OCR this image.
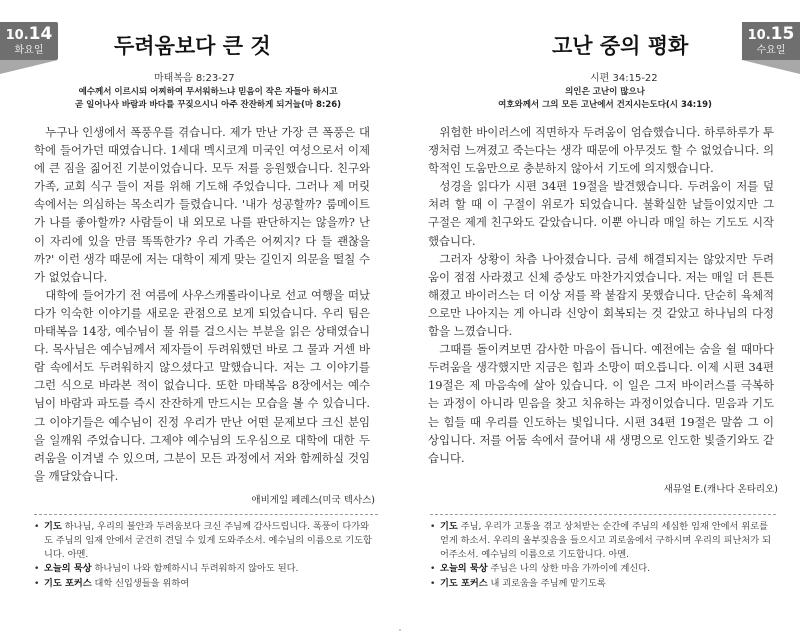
10.14
화요일	두려움보다 큰 것
마태복음 8:23-27
예수께서 이르시되 어찌하여 무서워하느냐 믿음이 작은 자들아 하시고
곧 일어나사 바람과 바다를 꾸짖으시니 아주 잔잔하게 되거늘(마 8:26)

누구나 인생에서 폭풍우를 겪습니다. 제가 만난 가장 큰 폭풍은 대학에 들어가던 때였습니다. 1세대 멕시코계 미국인 여성으로서 이제에 큰 짐을 짊어진 기분이었습니다. 모두 저를 응원했습니다. 친구와 가족, 교회 식구 들이 저를 위해 기도해 주었습니다. 그러나 제 머릿속에서는 의심하는 목소리가 들렸습니다. '내가 성공할까? 룸메이트가 나를 좋아할까? 사람들이 내 외모로 나를 판단하지는 않을까? 난 이 자리에 있을 만큼 똑똑한가? 우리 가족은 어찌지? 다 들 괜찮을까?' 이런 생각 때문에 저는 대학이 제게 맞는 길인지 의문을 떨칠 수가 없었습니다.

대학에 들어가기 전 여름에 사우스캐롤라이나로 선교 여행을 떠났다가 익숙한 이야기를 새로운 관점으로 보게 되었습니다. 우리 팀은 마태복음 14장, 예수님이 물 위를 걸으시는 부분을 읽은 상태였습니다. 목사님은 예수님께서 제자들이 두려워했던 바로 그 물과 거센 바람 속에서도 두려워하지 않으셨다고 말했습니다. 저는 그 이야기를 그런 식으로 바라본 적이 없습니다. 또한 마태복음 8장에서는 예수님이 바람과 파도를 즉시 잔잔하게 만드시는 모습을 볼 수 있습니다. 그 이야기들은 예수님이 진정 우리가 만난 어떤 문제보다 크신 분임을 일깨워 주었습니다. 그제야 예수님의 도우심으로 대학에 대한 두려움을 이겨낼 수 있으며, 그분이 모든 과정에서 저와 함께하실 것임을 깨달았습니다.

애비게일 페레스(미국 텍사스)
• 기도 하나님, 우리의 불안과 두려움보다 크신 주님께 감사드립니다. 폭풍이 다가와도 주님의 임재 안에서 굳건히 견딜 수 있게 도와주소서. 예수님의 이름으로 기도합니다. 아멘.
• 오늘의 묵상 하나님이 나와 함께하시니 두려워하지 않아도 된다.
• 기도 포커스 대학 신입생들을 위하여
10.15
수요일
고난 중의 평화
시편 34:15-22
의인은 고난이 많으나
여호와께서 그의 모든 고난에서 건지시는도다(시 34:19)

위험한 바이러스에 직면하자 두려움이 엄습했습니다. 하루하루가 투쟁처럼 느껴졌고 죽는다는 생각 때문에 아무것도 할 수 없었습니다. 의학적인 도움만으로 충분하지 않아서 기도에 의지했습니다.

성경을 읽다가 시편 34편 19절을 발견했습니다. 두려움이 저를 덮쳐려 할 때 이 구절이 위로가 되었습니다. 불확실한 날들이었지만 그 구절은 제게 친구와도 같았습니다. 이뿐 아니라 매일 하는 기도도 시작했습니다.

그러자 상황이 차츰 나아졌습니다. 금세 해결되지는 않았지만 두려움이 점점 사라졌고 신체 증상도 마찬가지였습니다. 저는 매일 더 튼튼해졌고 바이러스는 더 이상 저를 꽉 붙잡지 못했습니다. 단순히 육체적으로만 나아지는 게 아니라 신앙이 회복되는 것 같았고 하나님의 다정함을 느꼈습니다.

그때를 돌이켜보면 감사한 마음이 듭니다. 예전에는 숨을 쉴 때마다 두려움을 생각했지만 지금은 힘과 소망이 떠오릅니다. 이제 시편 34편 19절은 제 마음속에 살아 있습니다. 이 일은 그저 바이러스를 극복하는 과정이 아니라 믿음을 찾고 치유하는 과정이었습니다. 믿음과 기도는 힘들 때 우리를 인도하는 빛입니다. 시편 34편 19절은 말씀 그 이상입니다. 저를 어둠 속에서 끌어내 새 생명으로 인도한 빛줄기와도 같습니다.

새뮤얼 E.(캐나다 온타리오)
• 기도 주님, 우리가 고통을 겪고 상처받는 순간에 주님의 세심한 임재 안에서 위로를 얻게 하소서. 우리의 울부짖음을 들으시고 괴로움에서 구하시며 우리의 피난처가 되어주소서. 예수님의 이름으로 기도합니다. 아멘.
• 오늘의 묵상 주님은 나의 상한 마음 가까이에 계신다.
• 기도 포커스 내 괴로움을 주님께 맡기도록
